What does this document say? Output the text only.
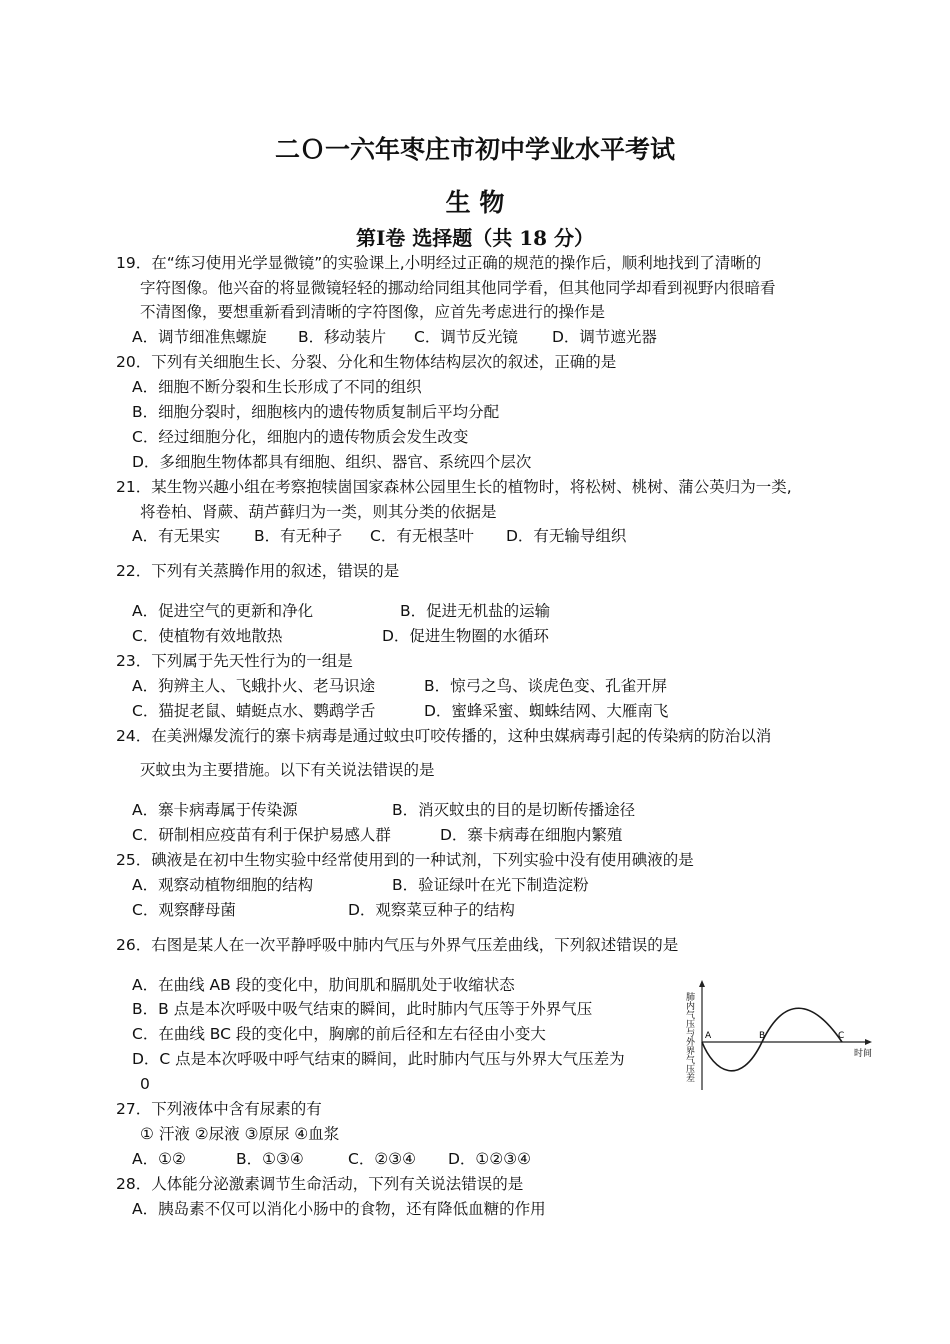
二Ｏ一六年枣庄市初中学业水平考试
生 物
第Ⅰ卷 选择题（共 18 分）
19．在“练习使用光学显微镜”的实验课上,小明经过正确的规范的操作后，顺利地找到了清晰的
字符图像。他兴奋的将显微镜轻轻的挪动给同组其他同学看，但其他同学却看到视野内很暗看
不清图像，要想重新看到清晰的字符图像，应首先考虑进行的操作是
A．调节细准焦螺旋 B．移动装片 C．调节反光镜 D．调节遮光器
20．下列有关细胞生长、分裂、分化和生物体结构层次的叙述，正确的是
A．细胞不断分裂和生长形成了不同的组织
B．细胞分裂时，细胞核内的遗传物质复制后平均分配
C．经过细胞分化，细胞内的遗传物质会发生改变
D．多细胞生物体都具有细胞、组织、器官、系统四个层次
21．某生物兴趣小组在考察抱犊崮国家森林公园里生长的植物时，将松树、桃树、蒲公英归为一类,
将卷柏、肾蕨、葫芦藓归为一类，则其分类的依据是
A．有无果实 B．有无种子 C．有无根茎叶 D．有无输导组织
22．下列有关蒸腾作用的叙述，错误的是
A．促进空气的更新和净化	B．促进无机盐的运输
C．使植物有效地散热	D．促进生物圈的水循环
23．下列属于先天性行为的一组是
A．狗辨主人、飞蛾扑火、老马识途	B．惊弓之鸟、谈虎色变、孔雀开屏
C．猫捉老鼠、蜻蜓点水、鹦鹉学舌	D．蜜蜂采蜜、蜘蛛结网、大雁南飞
24．在美洲爆发流行的寨卡病毒是通过蚊虫叮咬传播的，这种虫媒病毒引起的传染病的防治以消
灭蚊虫为主要措施。以下有关说法错误的是
A．寨卡病毒属于传染源	B．消灭蚊虫的目的是切断传播途径
C．研制相应疫苗有利于保护易感人群	D．寨卡病毒在细胞内繁殖
25．碘液是在初中生物实验中经常使用到的一种试剂，下列实验中没有使用碘液的是
A．观察动植物细胞的结构	B．验证绿叶在光下制造淀粉
C．观察酵母菌	D．观察菜豆种子的结构
26．右图是某人在一次平静呼吸中肺内气压与外界气压差曲线，下列叙述错误的是
A．在曲线 AB 段的变化中，肋间肌和膈肌处于收缩状态
B．B 点是本次呼吸中吸气结束的瞬间，此时肺内气压等于外界气压
C．在曲线 BC 段的变化中，胸廓的前后径和左右径由小变大
D．C 点是本次呼吸中呼气结束的瞬间，此时肺内气压与外界大气压差为
0
肺内气压与外界气压差 A	B	C
时间
27．下列液体中含有尿素的有
① 汗液 ②尿液 ③原尿 ④血浆
A．①②	B．①③④	C．②③④ D．①②③④
28．人体能分泌激素调节生命活动，下列有关说法错误的是
A．胰岛素不仅可以消化小肠中的食物，还有降低血糖的作用
